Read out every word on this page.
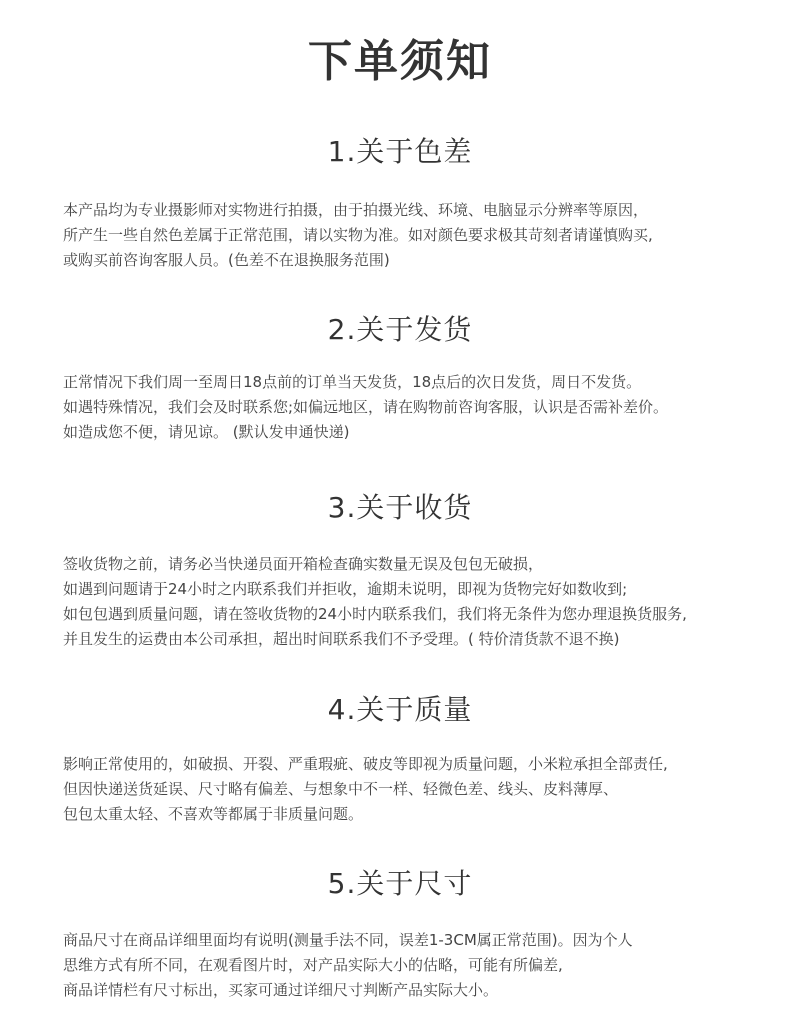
下单须知
1.关于色差
本产品均为专业摄影师对实物进行拍摄，由于拍摄光线、环境、电脑显示分辨率等原因，
所产生一些自然色差属于正常范围，请以实物为准。如对颜色要求极其苛刻者请谨慎购买,
或购买前咨询客服人员。(色差不在退换服务范围)
2.关于发货
正常情况下我们周一至周日18点前的订单当天发货，18点后的次日发货，周日不发货。
如遇特殊情况，我们会及时联系您;如偏远地区，请在购物前咨询客服，认识是否需补差价。
如造成您不便，请见谅。 (默认发申通快递)
3.关于收货
签收货物之前，请务必当快递员面开箱检查确实数量无误及包包无破损，
如遇到问题请于24小时之内联系我们并拒收，逾期未说明，即视为货物完好如数收到;
如包包遇到质量问题，请在签收货物的24小时内联系我们，我们将无条件为您办理退换货服务,
并且发生的运费由本公司承担，超出时间联系我们不予受理。( 特价清货款不退不换)
4.关于质量
影响正常使用的，如破损、开裂、严重瑕疵、破皮等即视为质量问题，小米粒承担全部责任,
但因快递送货延误、尺寸略有偏差、与想象中不一样、轻微色差、线头、皮料薄厚、
包包太重太轻、不喜欢等都属于非质量问题。
5.关于尺寸
商品尺寸在商品详细里面均有说明(测量手法不同，误差1-3CM属正常范围)。因为个人
思维方式有所不同，在观看图片时，对产品实际大小的估略，可能有所偏差,
商品详情栏有尺寸标出，买家可通过详细尺寸判断产品实际大小。
